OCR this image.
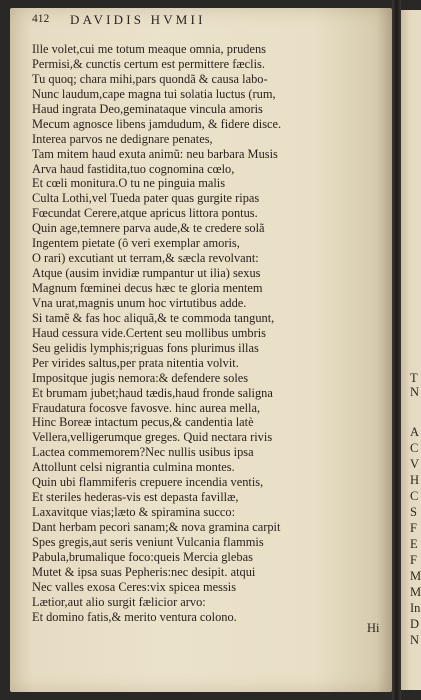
412 DAVIDIS HVMII
Ille volet,cui me totum meaque omnia, prudens
Permisi,& cunctis certum est permittere fæclis.
Tu quoq; chara mihi,pars quondã & causa labo-
Nunc laudum,cape magna tui solatia luctus (rum,
Haud ingrata Deo,geminataque vincula amoris
Mecum agnosce libens jamdudum, & fidere disce.
Interea parvos ne dedignare penates,
Tam mitem haud exuta animũ: neu barbara Musis
Arva haud fastidita,tuo cognomina cœlo,
Et cœli monitura.O tu ne pinguia malis
Culta Lothi,vel Tueda pater quas gurgite ripas
Fœcundat Cerere,atque apricus littora pontus.
Quin age,temnere parva aude,& te credere solã
Ingentem pietate (ô veri exemplar amoris,
O rari) excutiant ut terram,& sæcla revolvant:
Atque (ausim invidiæ rumpantur ut ilia) sexus
Magnum fœminei decus hæc te gloria mentem
Vna urat,magnis unum hoc virtutibus adde.
Si tamẽ & fas hoc aliquã,& te commoda tangunt,
Haud cessura vide.Certent seu mollibus umbris
Seu gelidis lymphis;riguas fons plurimus illas
Per virides saltus,per prata nitentia volvit.
Impositque jugis nemora:& defendere soles
Et brumam jubet;haud tædis,haud fronde saligna
Fraudatura focosve favosve. hinc aurea mella,
Hinc Boreæ intactum pecus,& candentia latè
Vellera,velligerumque greges. Quid nectara rivis
Lactea commemorem?Nec nullis usibus ipsa
Attollunt celsi nigrantia culmina montes.
Quin ubi flammiferis crepuere incendia ventis,
Et steriles hederas-vis est depasta favillæ,
Laxavitque vias;læto & spiramina succo:
Dant herbam pecori sanam;& nova gramina carpit
Spes gregis,aut seris veniunt Vulcania flammis
Pabula,brumalique foco:queis Mercia glebas
Mutet & ipsa suas Pepheris:nec desipit. atqui
Nec valles exosa Ceres:vix spicea messis
Lætior,aut alio surgit fælicior arvo:
Et domino fatis,& merito ventura colono.
Hi
T
N
A
C
V
H
C
S
F
E
F
M
M
In
D
N
